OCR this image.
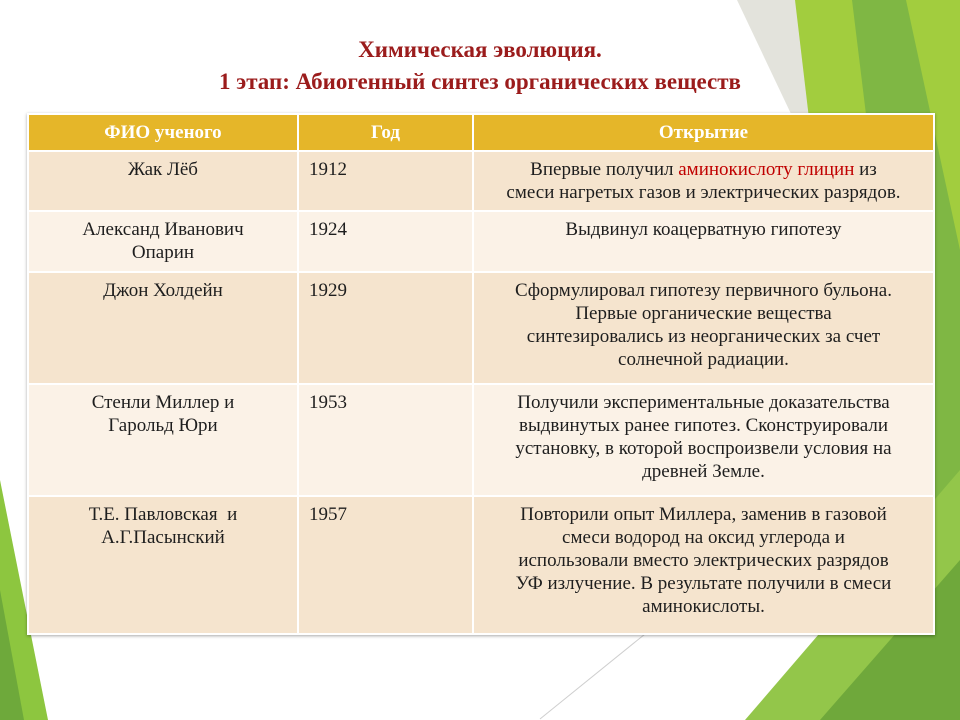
Химическая эволюция.
1 этап: Абиогенный синтез органических веществ
ФИО ученого	Год	Открытие

Жак Лёб	1912	Впервые получил аминокислоту глицин из
смеси нагретых газов и электрических разрядов.

Александ Иванович
Опарин	1924	Выдвинул коацерватную гипотезу

Джон Холдейн	1929	Сформулировал гипотезу первичного бульона.
Первые органические вещества
синтезировались из неорганических за счет
солнечной радиации.

Стенли Миллер и
Гарольд Юри	1953	Получили экспериментальные доказательства
выдвинутых ранее гипотез. Сконструировали
установку, в которой воспроизвели условия на
древней Земле.

Т.Е. Павловская  и
А.Г.Пасынский	1957	Повторили опыт Миллера, заменив в газовой
смеси водород на оксид углерода и
использовали вместо электрических разрядов
УФ излучение. В результате получили в смеси
аминокислоты.
